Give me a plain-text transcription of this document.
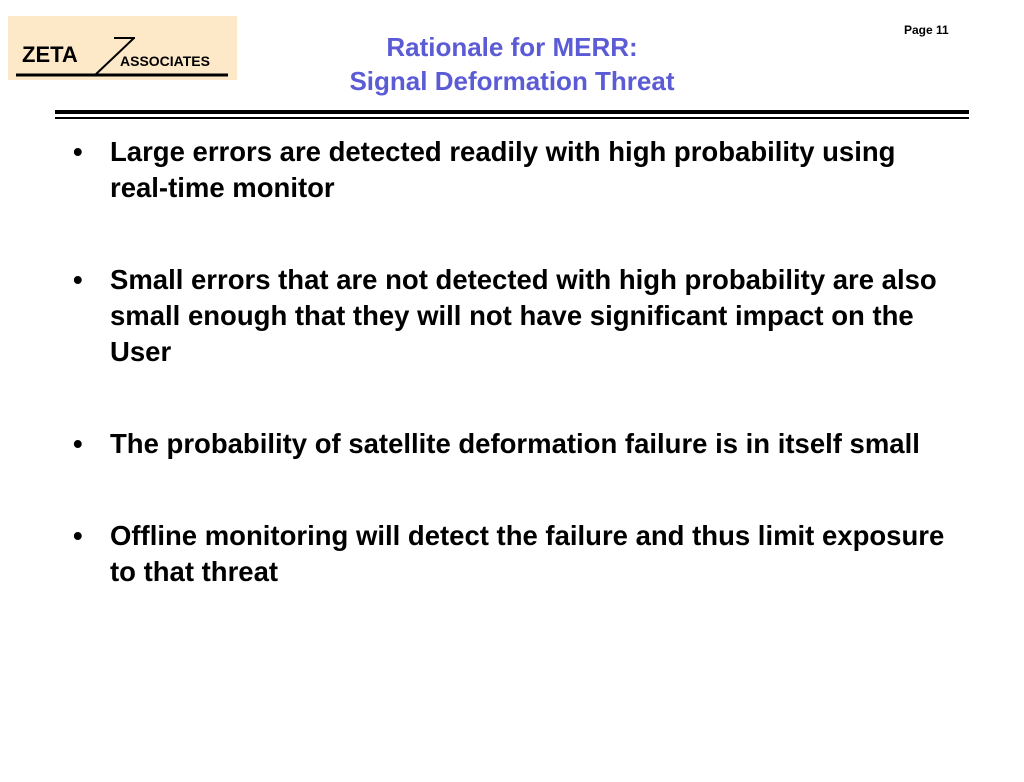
ZETA	ASSOCIATES	Rationale for MERR:
Signal Deformation Threat
Page 11
• Large errors are detected readily with high probability using real-time monitor
• Small errors that are not detected with high probability are also small enough that they will not have significant impact on the User
• The probability of satellite deformation failure is in itself small
• Offline monitoring will detect the failure and thus limit exposure to that threat
